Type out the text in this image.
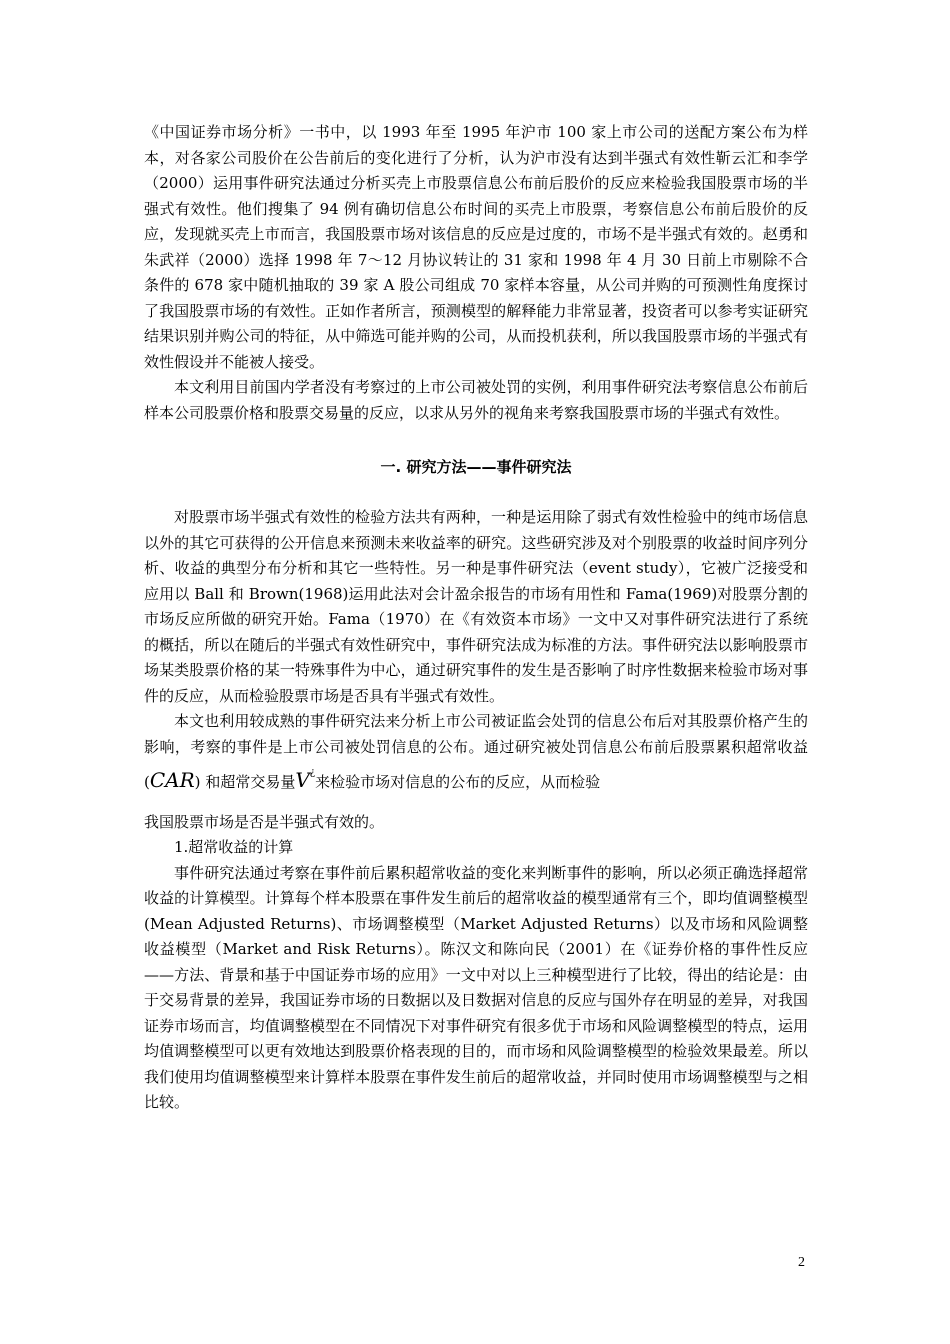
《中国证券市场分析》一书中，以 1993 年至 1995 年沪市 100 家上市公司的送配方案公布为样本，对各家公司股价在公告前后的变化进行了分析，认为沪市没有达到半强式有效性靳云汇和李学（2000）运用事件研究法通过分析买壳上市股票信息公布前后股价的反应来检验我国股票市场的半强式有效性。他们搜集了 94 例有确切信息公布时间的买壳上市股票，考察信息公布前后股价的反应，发现就买壳上市而言，我国股票市场对该信息的反应是过度的，市场不是半强式有效的。赵勇和朱武祥（2000）选择 1998 年 7～12 月协议转让的 31 家和 1998 年 4 月 30 日前上市剔除不合条件的 678 家中随机抽取的 39 家 A 股公司组成 70 家样本容量，从公司并购的可预测性角度探讨了我国股票市场的有效性。正如作者所言，预测模型的解释能力非常显著，投资者可以参考实证研究结果识别并购公司的特征，从中筛选可能并购的公司，从而投机获利，所以我国股票市场的半强式有效性假设并不能被人接受。

本文利用目前国内学者没有考察过的上市公司被处罚的实例，利用事件研究法考察信息公布前后样本公司股票价格和股票交易量的反应，以求从另外的视角来考察我国股票市场的半强式有效性。

一. 研究方法——事件研究法

对股票市场半强式有效性的检验方法共有两种，一种是运用除了弱式有效性检验中的纯市场信息以外的其它可获得的公开信息来预测未来收益率的研究。这些研究涉及对个别股票的收益时间序列分析、收益的典型分布分析和其它一些特性。另一种是事件研究法（event study），它被广泛接受和应用以 Ball 和 Brown(1968)运用此法对会计盈余报告的市场有用性和 Fama(1969)对股票分割的市场反应所做的研究开始。Fama（1970）在《有效资本市场》一文中又对事件研究法进行了系统的概括，所以在随后的半强式有效性研究中，事件研究法成为标准的方法。事件研究法以影响股票市场某类股票价格的某一特殊事件为中心，通过研究事件的发生是否影响了时序性数据来检验市场对事件的反应，从而检验股票市场是否具有半强式有效性。

本文也利用较成熟的事件研究法来分析上市公司被证监会处罚的信息公布后对其股票价格产生的影响，考察的事件是上市公司被处罚信息的公布。通过研究被处罚信息公布前后股票累积超常收益(CAR) 和超常交易量V¿来检验市场对信息的公布的反应，从而检验

我国股票市场是否是半强式有效的。

1.超常收益的计算

事件研究法通过考察在事件前后累积超常收益的变化来判断事件的影响，所以必须正确选择超常收益的计算模型。计算每个样本股票在事件发生前后的超常收益的模型通常有三个，即均值调整模型(Mean Adjusted Returns)、市场调整模型（Market Adjusted Returns）以及市场和风险调整收益模型（Market and Risk Returns）。陈汉文和陈向民（2001）在《证券价格的事件性反应——方法、背景和基于中国证券市场的应用》一文中对以上三种模型进行了比较，得出的结论是：由于交易背景的差异，我国证券市场的日数据以及日数据对信息的反应与国外存在明显的差异，对我国证券市场而言，均值调整模型在不同情况下对事件研究有很多优于市场和风险调整模型的特点，运用均值调整模型可以更有效地达到股票价格表现的目的，而市场和风险调整模型的检验效果最差。所以我们使用均值调整模型来计算样本股票在事件发生前后的超常收益，并同时使用市场调整模型与之相比较。

2
